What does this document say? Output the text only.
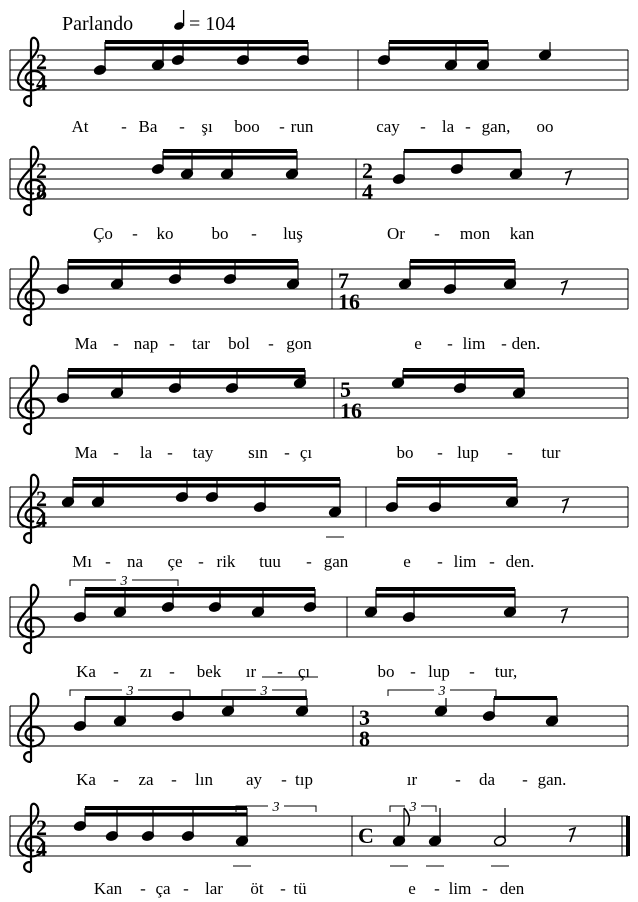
Parlando	= 104
2
4
At - Ba - şı boo - run	cay - la - gan, oo
2
8
2
4
Ço - ko bo - luş	Or - mon kan
7
16
Ma - nap - tar bol - gon	e - lim - den.
5
16
Ma - la - tay sın - çı	bo - lup - tur
2
4
Mı - na çe - rik tuu - gan	e - lim - den.
3
Ka - zı - bek ır - çı	bo - lup - tur,
3
8
3	3	3
Ka - za - lın ay - tıp	ır - da - gan.
2
4
C
3	3
Kan - ça - lar öt - tü	e - lim - den
